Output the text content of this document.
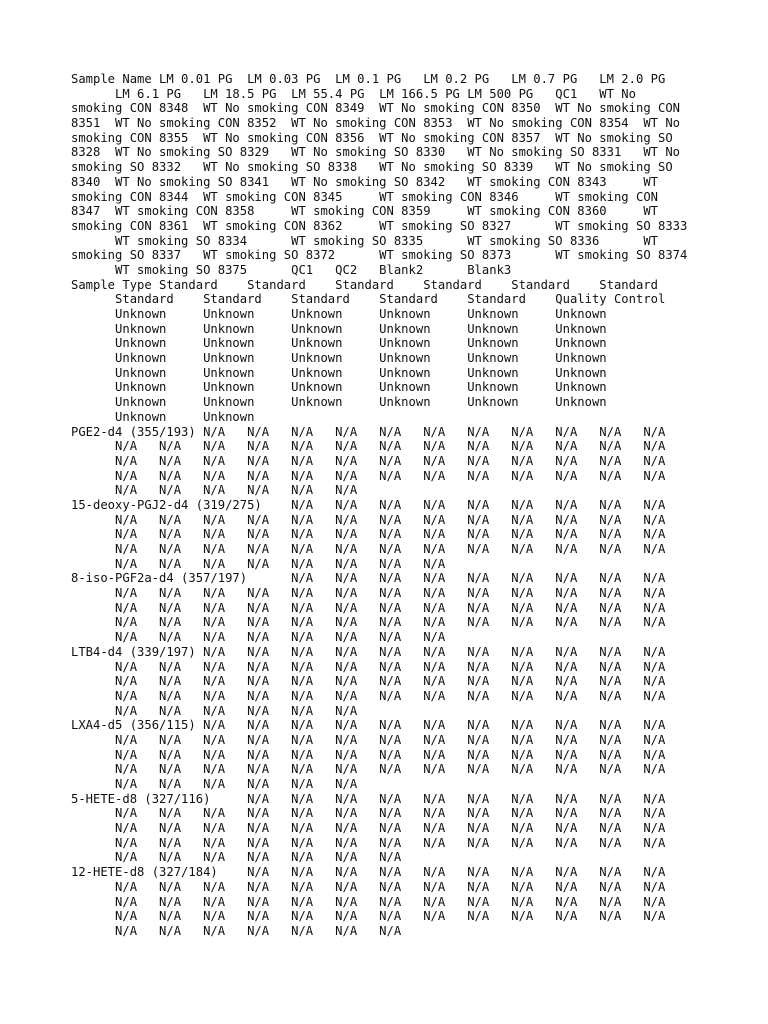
Sample Name LM 0.01 PG  LM 0.03 PG  LM 0.1 PG   LM 0.2 PG   LM 0.7 PG   LM 2.0 PG
LM 6.1 PG   LM 18.5 PG  LM 55.4 PG  LM 166.5 PG LM 500 PG   QC1   WT No
smoking CON 8348  WT No smoking CON 8349  WT No smoking CON 8350  WT No smoking CON
8351  WT No smoking CON 8352  WT No smoking CON 8353  WT No smoking CON 8354  WT No
smoking CON 8355  WT No smoking CON 8356  WT No smoking CON 8357  WT No smoking SO
8328  WT No smoking SO 8329   WT No smoking SO 8330   WT No smoking SO 8331   WT No
smoking SO 8332   WT No smoking SO 8338   WT No smoking SO 8339   WT No smoking SO
8340  WT No smoking SO 8341   WT No smoking SO 8342   WT smoking CON 8343     WT
smoking CON 8344  WT smoking CON 8345     WT smoking CON 8346     WT smoking CON
8347  WT smoking CON 8358     WT smoking CON 8359     WT smoking CON 8360     WT
smoking CON 8361  WT smoking CON 8362     WT smoking SO 8327      WT smoking SO 8333
WT smoking SO 8334      WT smoking SO 8335      WT smoking SO 8336      WT
smoking SO 8337   WT smoking SO 8372      WT smoking SO 8373      WT smoking SO 8374
WT smoking SO 8375      QC1   QC2   Blank2      Blank3
Sample Type Standard    Standard    Standard    Standard    Standard    Standard
Standard    Standard    Standard    Standard    Standard    Quality Control
Unknown     Unknown     Unknown     Unknown     Unknown     Unknown
Unknown     Unknown     Unknown     Unknown     Unknown     Unknown
Unknown     Unknown     Unknown     Unknown     Unknown     Unknown
Unknown     Unknown     Unknown     Unknown     Unknown     Unknown
Unknown     Unknown     Unknown     Unknown     Unknown     Unknown
Unknown     Unknown     Unknown     Unknown     Unknown     Unknown
Unknown     Unknown     Unknown     Unknown     Unknown     Unknown
Unknown     Unknown
PGE2-d4 (355/193) N/A   N/A   N/A   N/A   N/A   N/A   N/A   N/A   N/A   N/A   N/A
N/A   N/A   N/A   N/A   N/A   N/A   N/A   N/A   N/A   N/A   N/A   N/A   N/A
N/A   N/A   N/A   N/A   N/A   N/A   N/A   N/A   N/A   N/A   N/A   N/A   N/A
N/A   N/A   N/A   N/A   N/A   N/A   N/A   N/A   N/A   N/A   N/A   N/A   N/A
N/A   N/A   N/A   N/A   N/A   N/A
15-deoxy-PGJ2-d4 (319/275)    N/A   N/A   N/A   N/A   N/A   N/A   N/A   N/A   N/A
N/A   N/A   N/A   N/A   N/A   N/A   N/A   N/A   N/A   N/A   N/A   N/A   N/A
N/A   N/A   N/A   N/A   N/A   N/A   N/A   N/A   N/A   N/A   N/A   N/A   N/A
N/A   N/A   N/A   N/A   N/A   N/A   N/A   N/A   N/A   N/A   N/A   N/A   N/A
N/A   N/A   N/A   N/A   N/A   N/A   N/A   N/A
8-iso-PGF2a-d4 (357/197)      N/A   N/A   N/A   N/A   N/A   N/A   N/A   N/A   N/A
N/A   N/A   N/A   N/A   N/A   N/A   N/A   N/A   N/A   N/A   N/A   N/A   N/A
N/A   N/A   N/A   N/A   N/A   N/A   N/A   N/A   N/A   N/A   N/A   N/A   N/A
N/A   N/A   N/A   N/A   N/A   N/A   N/A   N/A   N/A   N/A   N/A   N/A   N/A
N/A   N/A   N/A   N/A   N/A   N/A   N/A   N/A
LTB4-d4 (339/197) N/A   N/A   N/A   N/A   N/A   N/A   N/A   N/A   N/A   N/A   N/A
N/A   N/A   N/A   N/A   N/A   N/A   N/A   N/A   N/A   N/A   N/A   N/A   N/A
N/A   N/A   N/A   N/A   N/A   N/A   N/A   N/A   N/A   N/A   N/A   N/A   N/A
N/A   N/A   N/A   N/A   N/A   N/A   N/A   N/A   N/A   N/A   N/A   N/A   N/A
N/A   N/A   N/A   N/A   N/A   N/A
LXA4-d5 (356/115) N/A   N/A   N/A   N/A   N/A   N/A   N/A   N/A   N/A   N/A   N/A
N/A   N/A   N/A   N/A   N/A   N/A   N/A   N/A   N/A   N/A   N/A   N/A   N/A
N/A   N/A   N/A   N/A   N/A   N/A   N/A   N/A   N/A   N/A   N/A   N/A   N/A
N/A   N/A   N/A   N/A   N/A   N/A   N/A   N/A   N/A   N/A   N/A   N/A   N/A
N/A   N/A   N/A   N/A   N/A   N/A
5-HETE-d8 (327/116)     N/A   N/A   N/A   N/A   N/A   N/A   N/A   N/A   N/A   N/A
N/A   N/A   N/A   N/A   N/A   N/A   N/A   N/A   N/A   N/A   N/A   N/A   N/A
N/A   N/A   N/A   N/A   N/A   N/A   N/A   N/A   N/A   N/A   N/A   N/A   N/A
N/A   N/A   N/A   N/A   N/A   N/A   N/A   N/A   N/A   N/A   N/A   N/A   N/A
N/A   N/A   N/A   N/A   N/A   N/A   N/A
12-HETE-d8 (327/184)    N/A   N/A   N/A   N/A   N/A   N/A   N/A   N/A   N/A   N/A
N/A   N/A   N/A   N/A   N/A   N/A   N/A   N/A   N/A   N/A   N/A   N/A   N/A
N/A   N/A   N/A   N/A   N/A   N/A   N/A   N/A   N/A   N/A   N/A   N/A   N/A
N/A   N/A   N/A   N/A   N/A   N/A   N/A   N/A   N/A   N/A   N/A   N/A   N/A
N/A   N/A   N/A   N/A   N/A   N/A   N/A
